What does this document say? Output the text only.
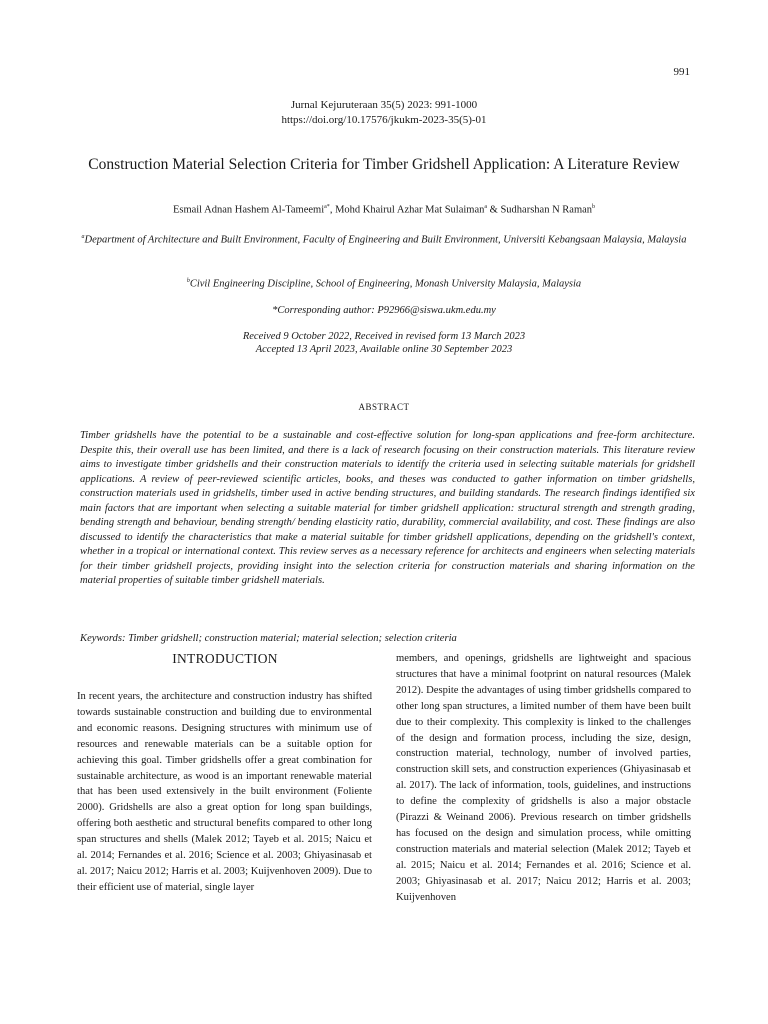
991
Jurnal Kejuruteraan 35(5) 2023: 991-1000
https://doi.org/10.17576/jkukm-2023-35(5)-01
Construction Material Selection Criteria for Timber Gridshell Application: A Literature Review
Esmail Adnan Hashem Al-Tameemi$^{a*}$, Mohd Khairul Azhar Mat Sulaiman$^a$ & Sudharshan N Raman$^b$
$^a$Department of Architecture and Built Environment, Faculty of Engineering and Built Environment, Universiti Kebangsaan Malaysia, Malaysia
$^b$Civil Engineering Discipline, School of Engineering, Monash University Malaysia, Malaysia
*Corresponding author: P92966@siswa.ukm.edu.my
Received 9 October 2022, Received in revised form 13 March 2023
Accepted 13 April 2023, Available online 30 September 2023
ABSTRACT
Timber gridshells have the potential to be a sustainable and cost-effective solution for long-span applications and free-form architecture. Despite this, their overall use has been limited, and there is a lack of research focusing on their construction materials. This literature review aims to investigate timber gridshells and their construction materials to identify the criteria used in selecting suitable materials for gridshell applications. A review of peer-reviewed scientific articles, books, and theses was conducted to gather information on timber gridshells, construction materials used in gridshells, timber used in active bending structures, and building standards. The research findings identified six main factors that are important when selecting a suitable material for timber gridshell application: structural strength and strength grading, bending strength and behaviour, bending strength/ bending elasticity ratio, durability, commercial availability, and cost. These findings are also discussed to identify the characteristics that make a material suitable for timber gridshell applications, depending on the gridshell's context, whether in a tropical or international context. This review serves as a necessary reference for architects and engineers when selecting materials for their timber gridshell projects, providing insight into the selection criteria for construction materials and sharing information on the material properties of suitable timber gridshell materials.
Keywords: Timber gridshell; construction material; material selection; selection criteria
INTRODUCTION
In recent years, the architecture and construction industry has shifted towards sustainable construction and building due to environmental and economic reasons. Designing structures with minimum use of resources and renewable materials can be a suitable option for achieving this goal. Timber gridshells offer a great combination for sustainable architecture, as wood is an important renewable material that has been used extensively in the built environment (Foliente 2000). Gridshells are also a great option for long span buildings, offering both aesthetic and structural benefits compared to other long span structures and shells (Malek 2012; Tayeb et al. 2015; Naicu et al. 2014; Fernandes et al. 2016; Science et al. 2003; Ghiyasinasab et al. 2017; Naicu 2012; Harris et al. 2003; Kuijvenhoven 2009). Due to their efficient use of material, single layer
members, and openings, gridshells are lightweight and spacious structures that have a minimal footprint on natural resources (Malek 2012). Despite the advantages of using timber gridshells compared to other long span structures, a limited number of them have been built due to their complexity. This complexity is linked to the challenges of the design and formation process, including the size, design, construction material, technology, number of involved parties, construction skill sets, and construction experiences (Ghiyasinasab et al. 2017). The lack of information, tools, guidelines, and instructions to define the complexity of gridshells is also a major obstacle (Pirazzi & Weinand 2006). Previous research on timber gridshells has focused on the design and simulation process, while omitting construction materials and material selection (Malek 2012; Tayeb et al. 2015; Naicu et al. 2014; Fernandes et al. 2016; Science et al. 2003; Ghiyasinasab et al. 2017; Naicu 2012; Harris et al. 2003; Kuijvenhoven
